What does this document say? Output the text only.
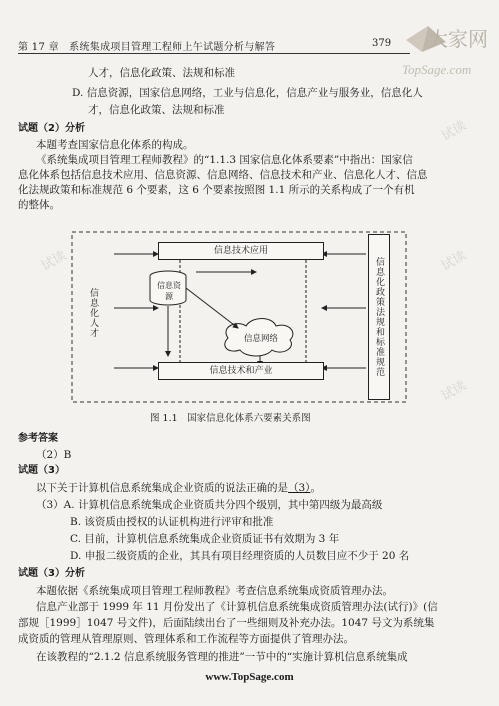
第 17 章　系统集成项目管理工程师上午试题分析与解答	379 大家网
TopSage.com
人才，信息化政策、法规和标准
D. 信息资源，国家信息网络，工业与信息化，信息产业与服务业，信息化人
才，信息化政策、法规和标准
试题（2）分析
本题考查国家信息化体系的构成。
《系统集成项目管理工程师教程》的“1.1.3 国家信息化体系要素”中指出：国家信
息化体系包括信息技术应用、信息资源、信息网络、信息技术和产业、信息化人才、信息
化法规政策和标准规范 6 个要素，这 6 个要素按照图 1.1 所示的关系构成了一个有机
的整体。
信息技术应用
信息技术和产业
信息资源
信息网络
信息化人才	信息化政策法规和标准规范
图 1.1　国家信息化体系六要素关系图
参考答案
（2）B
试题（3）
以下关于计算机信息系统集成企业资质的说法正确的是（3）。
（3）A. 计算机信息系统集成企业资质共分四个级别，其中第四级为最高级
B. 该资质由授权的认证机构进行评审和批准
C. 目前，计算机信息系统集成企业资质证书有效期为 3 年
D. 申报二级资质的企业，其具有项目经理资质的人员数目应不少于 20 名
试题（3）分析
本题依据《系统集成项目管理工程师教程》考查信息系统集成资质管理办法。
信息产业部于 1999 年 11 月份发出了《计算机信息系统集成资质管理办法(试行)》(信
部规［1999］1047 号文件)，后面陆续出台了一些细则及补充办法。1047 号文为系统集
成资质的管理从管理原则、管理体系和工作流程等方面提供了管理办法。
在该教程的“2.1.2 信息系统服务管理的推进”一节中的“实施计算机信息系统集成
www.TopSage.com
试读	试读
试读
试读
